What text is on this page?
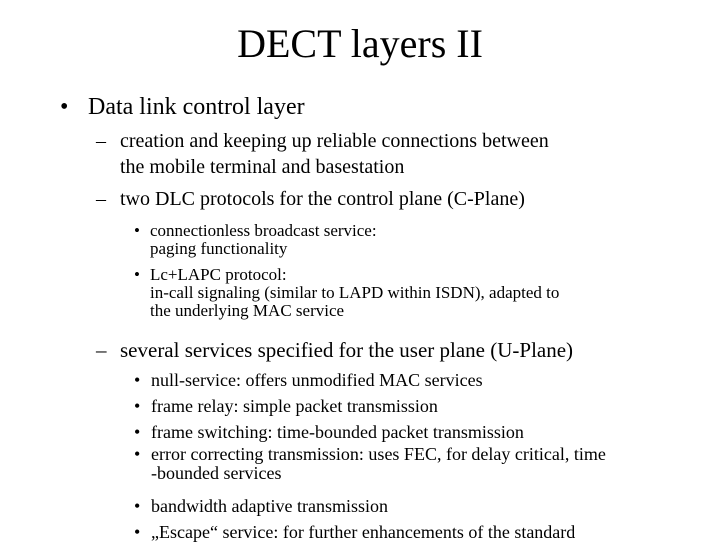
DECT layers II
• Data link control layer
– creation and keeping up reliable connections between
the mobile terminal and basestation
– two DLC protocols for the control plane (C-Plane)
• connectionless broadcast service:
paging functionality
• Lc+LAPC protocol:
in-call signaling (similar to LAPD within ISDN), adapted to
the underlying MAC service
– several services specified for the user plane (U-Plane)
• null-service: offers unmodified MAC services
• frame relay: simple packet transmission
• frame switching: time-bounded packet transmission
• error correcting transmission: uses FEC, for delay critical, time
-bounded services
• bandwidth adaptive transmission
• „Escape“ service: for further enhancements of the standard
